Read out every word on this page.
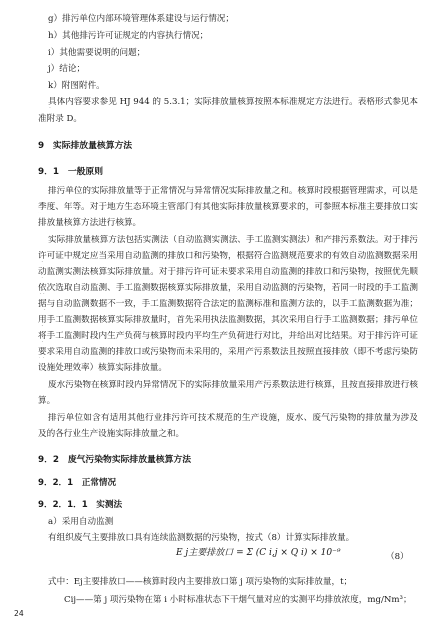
g）排污单位内部环境管理体系建设与运行情况；
h）其他排污许可证规定的内容执行情况；
i）其他需要说明的问题；
j）结论；
k）附图附件。
具体内容要求参见 HJ 944 的 5.3.1；实际排放量核算按照本标准规定方法进行。表格形式参见本
准附录 D。
9　实际排放量核算方法
9．1　一般原则
排污单位的实际排放量等于正常情况与异常情况实际排放量之和。核算时段根据管理需求，可以是
季度、年等。对于地方生态环境主管部门有其他实际排放量核算要求的，可参照本标准主要排放口实
排放量核算方法进行核算。
实际排放量核算方法包括实测法（自动监测实测法、手工监测实测法）和产排污系数法。对于排污
许可证中规定应当采用自动监测的排放口和污染物，根据符合监测规范要求的有效自动监测数据采用
动监测实测法核算实际排放量。对于排污许可证未要求采用自动监测的排放口和污染物，按照优先顺
依次选取自动监测、手工监测数据核算实际排放量，采用自动监测的污染物，若同一时段的手工监测
据与自动监测数据不一致，手工监测数据符合法定的监测标准和监测方法的，以手工监测数据为准；
用手工监测数据核算实际排放量时，首先采用执法监测数据，其次采用自行手工监测数据；排污单位
将手工监测时段内生产负荷与核算时段内平均生产负荷进行对比，并给出对比结果。对于排污许可证
要求采用自动监测的排放口或污染物而未采用的，采用产污系数法且按照直接排放（即不考虑污染防
设施处理效率）核算实际排放量。
废水污染物在核算时段内异常情况下的实际排放量采用产污系数法进行核算，且按直接排放进行核
算。
排污单位如含有适用其他行业排污许可技术规范的生产设施，废水、废气污染物的排放量为涉及
及的各行业生产设施实际排放量之和。
9．2　废气污染物实际排放量核算方法
9．2．1　正常情况
9．2．1．1　实测法
a）采用自动监测
有组织废气主要排放口具有连续监测数据的污染物，按式（8）计算实际排放量。
E j主要排放口 = Σ (C i,j × Q i) × 10⁻⁹	（8）
式中：Ej主要排放口——核算时段内主要排放口第 j 项污染物的实际排放量，t；
Cij——第 j 项污染物在第 i 小时标准状态下干烟气量对应的实测平均排放浓度，mg/Nm³；
24
